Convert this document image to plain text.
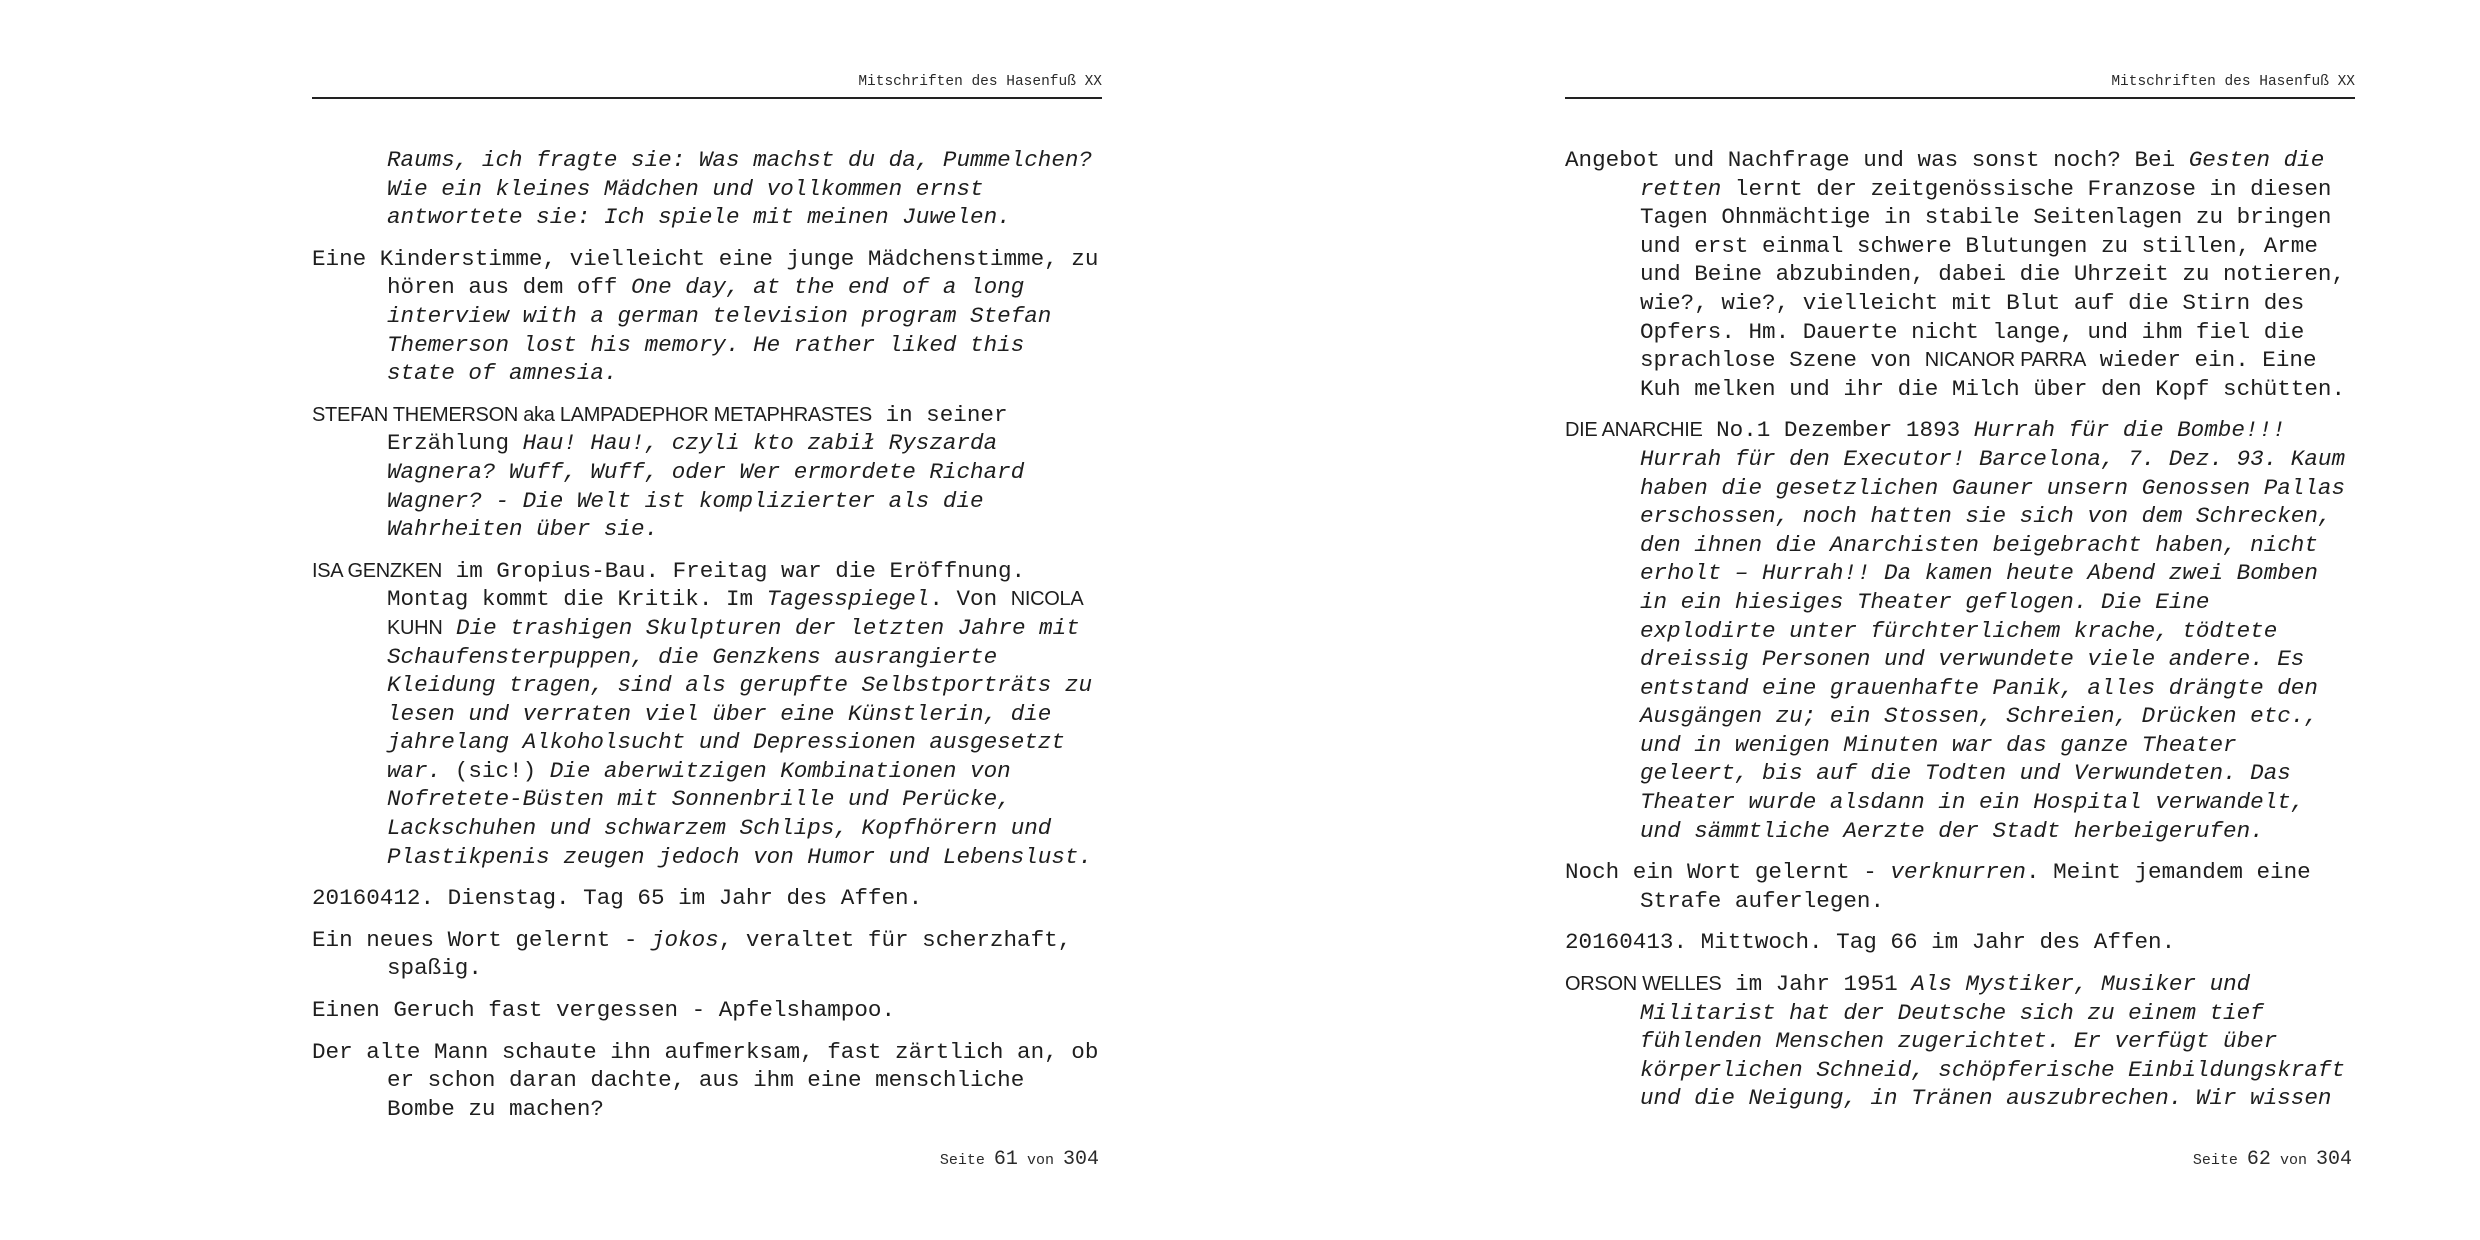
Mitschriften des Hasenfuß XX

Raums, ich fragte sie: Was machst du da, Pummelchen? Wie ein kleines Mädchen und vollkommen ernst antwortete sie: Ich spiele mit meinen Juwelen.

Eine Kinderstimme, vielleicht eine junge Mädchenstimme, zu hören aus dem off One day, at the end of a long interview with a german television program Stefan Themerson lost his memory. He rather liked this state of amnesia.

STEFAN THEMERSON aka LAMPADEPHOR METAPHRASTES in seiner Erzählung Hau! Hau!, czyli kto zabił Ryszarda Wagnera? Wuff, Wuff, oder Wer ermordete Richard Wagner? - Die Welt ist komplizierter als die Wahrheiten über sie.

ISA GENZKEN im Gropius-Bau. Freitag war die Eröffnung. Montag kommt die Kritik. Im Tagesspiegel. Von NICOLA KUHN Die trashigen Skulpturen der letzten Jahre mit Schaufensterpuppen, die Genzkens ausrangierte Kleidung tragen, sind als gerupfte Selbstporträts zu lesen und verraten viel über eine Künstlerin, die jahrelang Alkoholsucht und Depressionen ausgesetzt war. (sic!) Die aberwitzigen Kombinationen von Nofretete-Büsten mit Sonnenbrille und Perücke, Lackschuhen und schwarzem Schlips, Kopfhörern und Plastikpenis zeugen jedoch von Humor und Lebenslust.

20160412. Dienstag. Tag 65 im Jahr des Affen.

Ein neues Wort gelernt - jokos, veraltet für scherzhaft, spaßig.

Einen Geruch fast vergessen - Apfelshampoo.

Der alte Mann schaute ihn aufmerksam, fast zärtlich an, ob er schon daran dachte, aus ihm eine menschliche Bombe zu machen?

Seite 61 von 304
Mitschriften des Hasenfuß XX

Angebot und Nachfrage und was sonst noch? Bei Gesten die retten lernt der zeitgenössische Franzose in diesen Tagen Ohnmächtige in stabile Seitenlagen zu bringen und erst einmal schwere Blutungen zu stillen, Arme und Beine abzubinden, dabei die Uhrzeit zu notieren, wie?, wie?, vielleicht mit Blut auf die Stirn des Opfers. Hm. Dauerte nicht lange, und ihm fiel die sprachlose Szene von NICANOR PARRA wieder ein. Eine Kuh melken und ihr die Milch über den Kopf schütten.

DIE ANARCHIE No.1 Dezember 1893 Hurrah für die Bombe!!! Hurrah für den Executor! Barcelona, 7. Dez. 93. Kaum haben die gesetzlichen Gauner unsern Genossen Pallas erschossen, noch hatten sie sich von dem Schrecken, den ihnen die Anarchisten beigebracht haben, nicht erholt – Hurrah!! Da kamen heute Abend zwei Bomben in ein hiesiges Theater geflogen. Die Eine explodirte unter fürchterlichem krache, tödtete dreissig Personen und verwundete viele andere. Es entstand eine grauenhafte Panik, alles drängte den Ausgängen zu; ein Stossen, Schreien, Drücken etc., und in wenigen Minuten war das ganze Theater geleert, bis auf die Todten und Verwundeten. Das Theater wurde alsdann in ein Hospital verwandelt, und sämmtliche Aerzte der Stadt herbeigerufen.

Noch ein Wort gelernt - verknurren. Meint jemandem eine Strafe auferlegen.

20160413. Mittwoch. Tag 66 im Jahr des Affen.

ORSON WELLES im Jahr 1951 Als Mystiker, Musiker und Militarist hat der Deutsche sich zu einem tief fühlenden Menschen zugerichtet. Er verfügt über körperlichen Schneid, schöpferische Einbildungskraft und die Neigung, in Tränen auszubrechen. Wir wissen

Seite 62 von 304
